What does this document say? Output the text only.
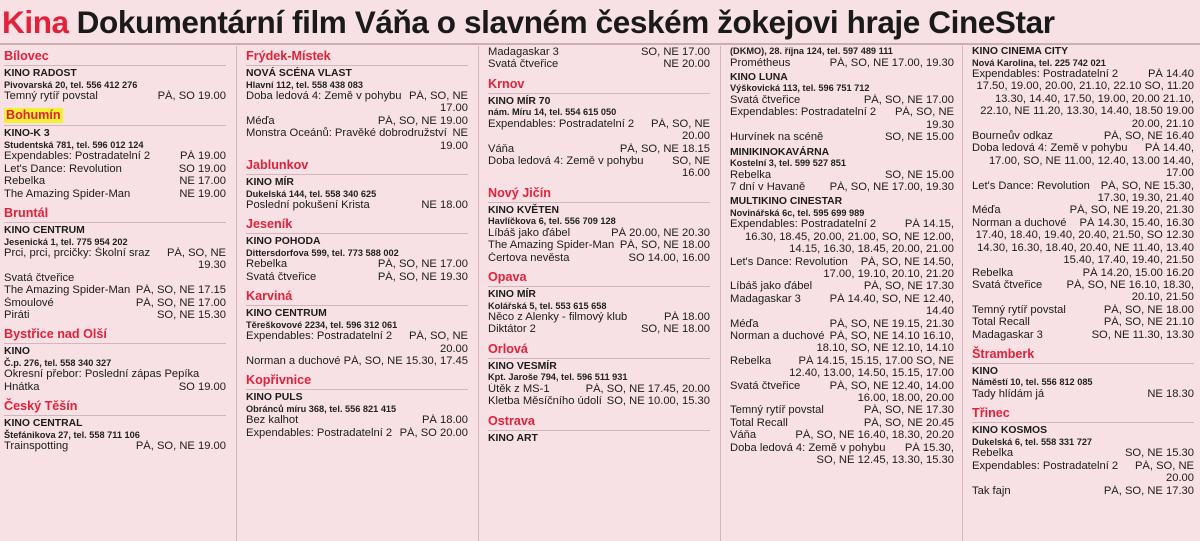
Kina Dokumentární film Váňa o slavném českém žokejovi hraje CineStar
Bílovec
KINO RADOST
Pivovarská 20, tel. 556 412 276
Temný rytíř povstal	PÁ, SO 19.00
Bohumín
KINO-K 3
Studentská 781, tel. 596 012 124
Expendables: Postradatelní 2	PÁ 19.00
Let's Dance: Revolution	SO 19.00
Rebelka	NE 17.00
The Amazing Spider-Man	NE 19.00
Bruntál
KINO CENTRUM
Jesenická 1, tel. 775 954 202
Prci, prci, prcičky: Školní sraz	PÁ, SO, NE 19.30
Svatá čtveřice
The Amazing Spider-Man PÁ, SO, NE 17.15
Šmoulové	PÁ, SO, NE 17.00
Piráti	SO, NE 15.30
Bystřice nad Olší
KINO
Č.p. 276, tel. 558 340 327
Okresní přebor: Poslední zápas Pepíka
Hnátka	SO 19.00
Český Těšín
KINO CENTRAL
Štefánikova 27, tel. 558 711 106
Trainspotting	PÁ, SO, NE 19.00
Frýdek-Místek
NOVÁ SCÉNA VLAST
Hlavní 112, tel. 558 438 083
Doba ledová 4: Země v pohybu PÁ, SO, NE 17.00
Méďa	PÁ, SO, NE 19.00
Monstra Oceánů: Pravěké dobrodružství NE 19.00
Jablunkov
KINO MÍR
Dukelská 144, tel. 558 340 625
Poslední pokušení Krista	NE 18.00
Jeseník
KINO POHODA
Dittersdorfova 599, tel. 773 588 002
Rebelka	PÁ, SO, NE 17.00
Svatá čtveřice	PÁ, SO, NE 19.30
Karviná
KINO CENTRUM
Těreškovové 2234, tel. 596 312 061
Expendables: Postradatelní 2	PÁ, SO, NE 20.00
Norman a duchové PÁ, SO, NE 15.30, 17.45
Kopřivnice
KINO PULS
Obránců míru 368, tel. 556 821 415
Bez kalhot	PÁ 18.00
Expendables: Postradatelní 2 PÁ, SO 20.00
Madagaskar 3	SO, NE 17.00
Svatá čtveřice	NE 20.00
Krnov
KINO MÍR 70
nám. Míru 14, tel. 554 615 050
Expendables: Postradatelní 2	PÁ, SO, NE 20.00
Váňa	PÁ, SO, NE 18.15
Doba ledová 4: Země v pohybu	SO, NE 16.00
Nový Jičín
KINO KVĚTEN
Havlíčkova 6, tel. 556 709 128
Líbáš jako ďábel	PÁ 20.00, NE 20.30
The Amazing Spider-Man PÁ, SO, NE 18.00
Čertova nevěsta	SO 14.00, 16.00
Opava
KINO MÍR
Kolářská 5, tel. 553 615 658
Něco z Alenky - filmový klub	PÁ 18.00
Diktátor 2	SO, NE 18.00
Orlová
KINO VESMÍR
Kpt. Jaroše 794, tel. 596 511 931
Útěk z MS-1	PÁ, SO, NE 17.45, 20.00
Kletba Měsíčního údolí SO, NE 10.00, 15.30
Ostrava
KINO ART
(DKMO), 28. října 124, tel. 597 489 111
Prométheus	PÁ, SO, NE 17.00, 19.30
KINO LUNA
Výškovická 113, tel. 596 751 712
Svatá čtveřice	PÁ, SO, NE 17.00
Expendables: Postradatelní 2	PÁ, SO, NE 19.30
Hurvínek na scéně	SO, NE 15.00
MINIKINOKAVÁRNA
Kostelní 3, tel. 599 527 851
Rebelka	SO, NE 15.00
7 dní v Havaně PÁ, SO, NE 17.00, 19.30
MULTIKINO CINESTAR
Novinářská 6c, tel. 595 699 989
Expendables: Postradatelní 2	PÁ 14.15, 16.30, 18.45, 20.00, 21.00, SO, NE 12.00, 14.15, 16.30, 18.45, 20.00, 21.00
Let's Dance: Revolution	PÁ, SO, NE 14.50, 17.00, 19.10, 20.10, 21.20
Líbáš jako ďábel	PÁ, SO, NE 17.30
Madagaskar 3	PÁ 14.40, SO, NE 12.40, 14.40
Méďa	PÁ, SO, NE 19.15, 21.30
Norman a duchové PÁ, SO, NE 14.10 16.10, 18.10, SO, NE 12.10, 14.10
Rebelka	PÁ 14.15, 15.15, 17.00 SO, NE 12.40, 13.00, 14.50, 15.15, 17.00
Svatá čtveřice	PÁ, SO, NE 12.40, 14.00 16.00, 18.00, 20.00
Temný rytíř povstal	PÁ, SO, NE 17.30
Total Recall	PÁ, SO, NE 20.45
Váňa	PÁ, SO, NE 16.40, 18.30, 20.20
Doba ledová 4: Země v pohybu	PÁ 15.30, SO, NE 12.45, 13.30, 15.30
KINO CINEMA CITY
Nová Karolina, tel. 225 742 021
Expendables: Postradatelní 2	PÁ 14.40 17.50, 19.00, 20.00, 21.10, 22.10 SO, 11.20 13.30, 14.40, 17.50, 19.00, 20.00 21.10, 22.10, NE 11.20, 13.30, 14.40, 18.50 19.00 20.00, 21.10
Bourneův odkaz	PÁ, SO, NE 16.40
Doba ledová 4: Země v pohybu	PÁ 14.40, 17.00, SO, NE 11.00, 12.40, 13.00 14.40, 17.00
Let's Dance: Revolution PÁ, SO, NE 15.30, 17.30, 19.30, 21.40
Méďa	PÁ, SO, NE 19.20, 21.30
Norman a duchové	PÁ 14.30, 15.40, 16.30 17.40, 18.40, 19.40, 20.40, 21.50, SO 12.30 14.30, 16.30, 18.40, 20.40, NE 11.40, 13.40 15.40, 17.40, 19.40, 21.50
Rebelka	PÁ 14.20, 15.00 16.20
Svatá čtveřice	PÁ, SO, NE 16.10, 18.30, 20.10, 21.50
Temný rytíř povstal	PÁ, SO, NE 18.00
Total Recall	PÁ, SO, NE 21.10
Madagaskar 3	SO, NE 11.30, 13.30
Štramberk
KINO
Náměstí 10, tel. 556 812 085
Tady hlídám já	NE 18.30
Třinec
KINO KOSMOS
Dukelská 6, tel. 558 331 727
Rebelka	SO, NE 15.30
Expendables: Postradatelní 2	PÁ, SO, NE 20.00
Tak fajn	PÁ, SO, NE 17.30
